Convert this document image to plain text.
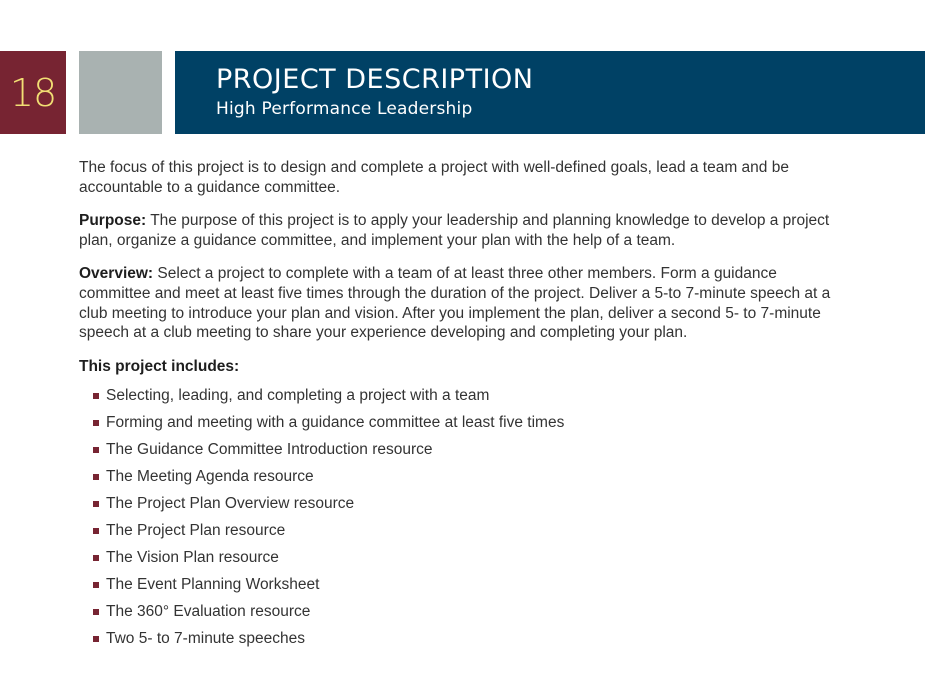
18	PROJECT DESCRIPTION
High Performance Leadership

The focus of this project is to design and complete a project with well-defined goals, lead a team and be accountable to a guidance committee.

Purpose: The purpose of this project is to apply your leadership and planning knowledge to develop a project plan, organize a guidance committee, and implement your plan with the help of a team.

Overview: Select a project to complete with a team of at least three other members. Form a guidance committee and meet at least five times through the duration of the project. Deliver a 5-to 7-minute speech at a club meeting to introduce your plan and vision. After you implement the plan, deliver a second 5- to 7-minute speech at a club meeting to share your experience developing and completing your plan.

This project includes:
Selecting, leading, and completing a project with a team
Forming and meeting with a guidance committee at least five times
The Guidance Committee Introduction resource
The Meeting Agenda resource
The Project Plan Overview resource
The Project Plan resource
The Vision Plan resource
The Event Planning Worksheet
The 360° Evaluation resource
Two 5- to 7-minute speeches
